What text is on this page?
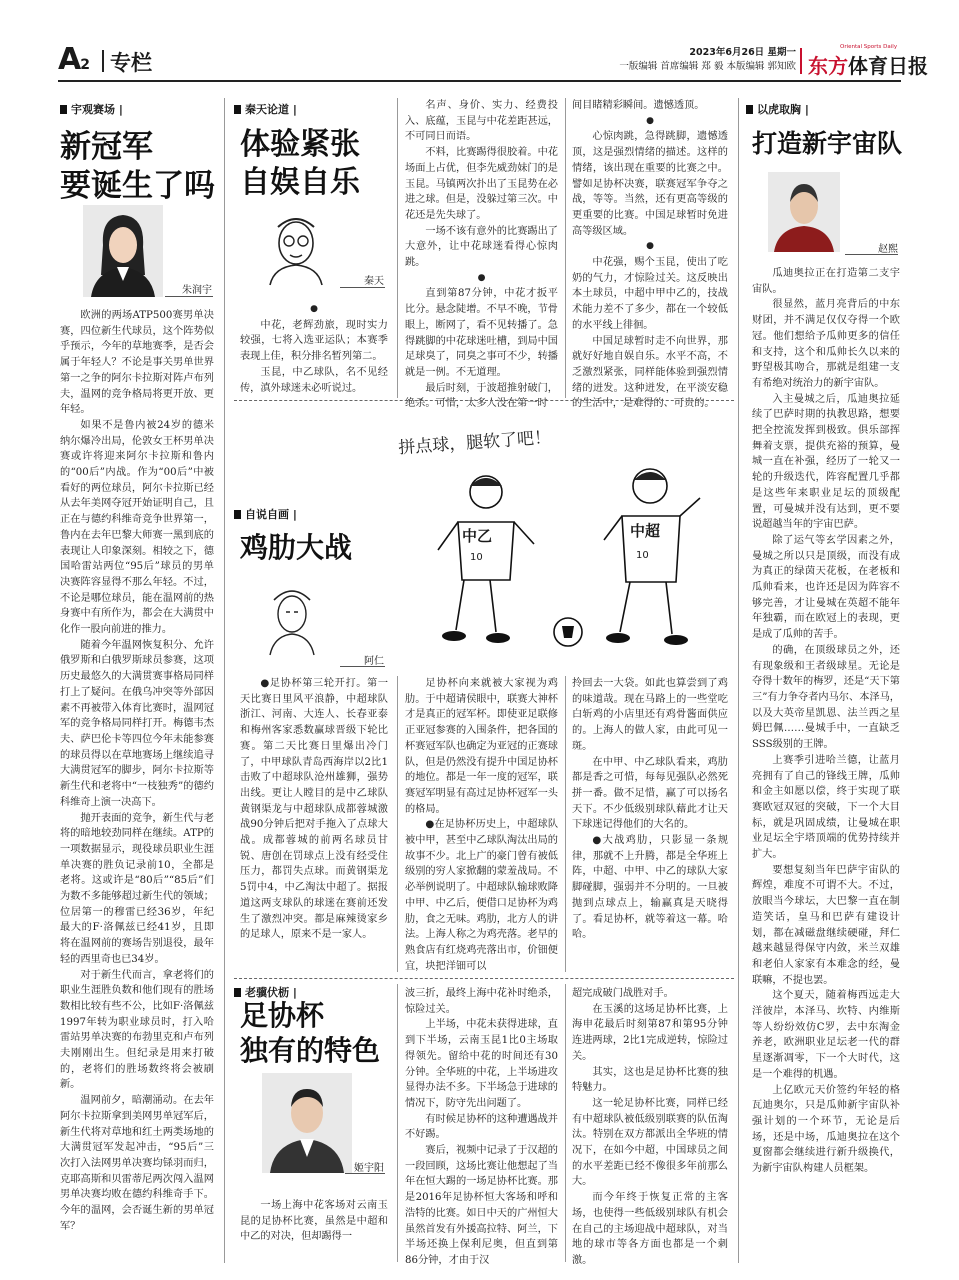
A2 专栏	2023年6月26日 星期一
一版编辑 首席编辑 郑 毅 本版编辑 郭知欧
Oriental Sports Daily
东方体育日报
宇观赛场 |
新冠军
要诞生了吗
朱润宇

欧洲的两场ATP500赛男单决赛，四位新生代球员，这个阵势似乎预示，今年的草地赛季，是否会属于年轻人？不论是事关男单世界第一之争的阿尔卡拉斯对阵卢布列夫，温网的竞争格局将更开放、更年轻。

如果不是鲁内被24岁的德米纳尔爆冷出局，伦敦女王杯男单决赛或许将迎来阿尔卡拉斯和鲁内的“00后”内战。作为“00后”中被看好的两位球员，阿尔卡拉斯已经从去年美网夺冠开始证明自己，且正在与德约科维奇竞争世界第一，鲁内在去年巴黎大师赛一黑到底的表现让人印象深刻。相较之下，德国哈雷站两位“95后”球员的男单决赛阵容显得不那么年轻。不过，不论是哪位球员，能在温网前的热身赛中有所作为，都会在大满贯中化作一股向前进的推力。

随着今年温网恢复积分、允许俄罗斯和白俄罗斯球员参赛，这项历史最悠久的大满贯赛事格局同样打上了疑问。在俄乌冲突等外部因素不再被带入体育比赛时，温网冠军的竞争格局同样打开。梅德韦杰夫、萨巴伦卡等四位今年未能参赛的球员得以在草地赛场上继续追寻大满贯冠军的脚步，阿尔卡拉斯等新生代和老将中“一枝独秀”的德约科维奇上演一决高下。

抛开表面的竞争，新生代与老将的暗地较劲同样在继续。ATP的一项数据显示，现役球员职业生涯单决赛的胜负记录前10，全都是老将。这或许是“80后”“85后”们为数不多能够超过新生代的领域；位居第一的穆雷已经36岁，年纪最大的F·洛佩兹已经41岁，且即将在温网前的赛场告别退役，最年轻的西里奇也已34岁。

对于新生代而言，拿老将们的职业生涯胜负数和他们现有的胜场数相比较有些不公，比如F·洛佩兹1997年转为职业球员时，打入哈雷站男单决赛的布勃里克和卢布列夫刚刚出生。但纪录是用来打破的，老将们的胜场数终将会被刷新。

温网前夕，暗潮涌动。在去年阿尔卡拉斯拿到美网男单冠军后，新生代将对草地和红土两类场地的大满贯冠军发起冲击，“95后”三次打入法网男单决赛均铩羽而归，克耶高斯和贝雷蒂尼两次闯入温网男单决赛均败在德约科维奇手下。今年的温网，会否诞生新的男单冠军？

秦天论道 |
体验紧张
自娱自乐
秦天
●

中花，老辉劲旅，现时实力较强，七将入选亚运队；本赛季表现上佳，积分排名暂列第二。

玉昆，中乙球队，名不见经传，滇外球迷未必听说过。

名声、身价、实力、经费投入、底蕴，玉昆与中花差距甚远，不可同日而语。

不料，比赛踢得很胶着。中花场面上占优，但李先威劲妹门的是玉昆。马镇两次扑出了玉昆势在必进之球。但是，没躲过第三次。中花还是先失球了。

一场不该有意外的比赛踢出了大意外，让中花球迷看得心惊肉跳。

●

直到第87分钟，中花才扳平比分。悬念陡增。不早不晚，节骨眼上，断网了，看不见转播了。急得跳脚的中花球迷吐槽，到局中国足球臭了，同臭之事可不少，转播就是一例。不无道理。

最后时刻，于波超推射破门，绝杀。可惜，太多人没在第一时

间目睹精彩瞬间。遗憾透顶。

●

心惊肉跳，急得跳脚，遗憾透顶，这是强烈情绪的描述。这样的情绪，该出现在重要的比赛之中。譬如足协杯决赛，联赛冠军争夺之战，等等。当然，还有更高等级的更重要的比赛。中国足球暂时免进高等级区域。

●

中花强，赐个玉昆，使出了吃奶的气力，才惊险过关。这反映出本土球员，中超中甲中乙的，技战术能力差不了多少，都在一个较低的水平线上徘徊。

中国足球暂时走不向世界，那就好好地自娱自乐。水平不高，不乏激烈紧张，同样能体验到强烈情绪的迸发。这种迸发，在平淡安稳的生活中，是难得的、可贵的。

拼点球，腿软了吧！
中乙	中超
10	10
自说自画 |
鸡肋大战
阿仁

●足协杯第三轮开打。第一天比赛日里风平浪静，中超球队浙江、河南、大连人、长春亚泰和梅州客家悉数赢球晋级下轮比赛。第二天比赛日里爆出冷门了，中甲球队青岛西海岸以2比1击败了中超球队沧州雄狮，强势出线。更让人瞠目的是中乙球队黄钢渠龙与中超球队成都蓉城激战90分钟后把对手拖入了点球大战。成都蓉城的前两名球员甘锐、唐创在罚球点上没有经受住压力，都罚失点球。而黄钢渠龙5罚中4，中乙淘汰中超了。据报道这两支球队的球迷在赛前还发生了激烈冲突。都是麻辣烫家乡的足球人，原来不是一家人。

足协杯向来就被大家视为鸡肋。于中超请侯眼中，联赛大神杯才是真正的冠军杯。即使亚足联修正亚冠参赛的入围条件，把各国的杯赛冠军队也确定为亚冠的正赛球队，但是仍然没有提升中国足协杯的地位。都是一年一度的冠军，联赛冠军明显有高过足协杯冠军一头的格局。

●在足协杯历史上，中超球队被中甲，甚至中乙球队淘汰出局的故事不少。北上广的豪门曾有被低级别的穷人家掀翻的蒙羞战局。不必举例说明了。中超球队输球败降中甲、中乙后，便借口足协杯为鸡肋，食之无味。鸡肋，北方人的讲法。上海人称之为鸡壳落。老早的熟食店有红烧鸡壳落出市，价钿便宜，块把洋钿可以

拎回去一大袋。如此也算尝到了鸡的味道哉。现在马路上的一些堂吃白斩鸡的小店里还有鸡骨酱面供应的。上海人的做人家，由此可见一斑。

在中甲、中乙球队看来，鸡肋都是香之可惜，每每见强队必然死拼一番。做不足惜，赢了可以扬名天下。不少低级别球队藉此才让天下球迷记得他们的大名的。

●大战鸡肋，只影显一条规律，那就不上升腾，都是全华班上阵，中超、中甲、中乙的球队大家脚碰脚，强弱并不分明的。一旦被抛到点球点上，输赢真是天晓得了。看足协杯，就等着这一幕。哈哈。

老骥伏枥 |
足协杯
独有的特色
姬宇阳

一场上海中花客场对云南玉昆的足协杯比赛，虽然是中超和中乙的对决，但却踢得一

波三折，最终上海中花补时绝杀，惊险过关。

上半场，中花未获得进球，直到下半场，云南玉昆1比0主场取得领先。留给中花的时间还有30分钟。全华班的中花，上半场进攻显得办法不多。下半场急于进球的情况下，防守先出问题了。

有时候足协杯的这种遭遇战并不好踢。

赛后，视频中记录了于汉超的一段回顾，这场比赛让他想起了当年在恒大踢的一场足协杯比赛。那是2016年足协杯恒大客场和呼和浩特的比赛。如日中天的广州恒大虽然首发有外援高拉特、阿兰，下半场还换上保利尼奥，但直到第86分钟，才由于汉

超完成破门战胜对手。

在玉溪的这场足协杯比赛，上海申花最后时刻第87和第95分钟连进两球，2比1完成逆转，惊险过关。

其实，这也是足协杯比赛的独特魅力。

这一轮足协杯比赛，同样已经有中超球队被低级别联赛的队伍淘汰。特别在双方都派出全华班的情况下，在如今中超，中国球员之间的水平差距已经不像很多年前那么大。

而今年终于恢复正常的主客场，也使得一些低级别球队有机会在自己的主场迎战中超球队，对当地的球市等各方面也都是一个刺激。

以虎取胸 |
打造新宇宙队
赵熙

瓜迪奥拉正在打造第二支宇宙队。

很显然，蓝月亮背后的中东财团，并不满足仅仅夺得一个欧冠。他们想给予瓜帅更多的信任和支持，这个和瓜帅长久以来的野望极其吻合，那就是组建一支有希绝对统治力的新宇宙队。

入主曼城之后，瓜迪奥拉延续了巴萨时期的执教思路，想要把全控流发挥到极致。俱乐部挥舞着支票，提供充裕的预算，曼城一直在补强，经历了一轮又一轮的升级迭代，阵容配置几乎都是这些年来职业足坛的顶级配置，可曼城并没有达到，更不要说超越当年的宇宙巴萨。

除了运气等玄学因素之外，曼城之所以只是顶级，而没有成为真正的绿茵天花板，在老板和瓜帅看来，也许还是因为阵容不够完善，才让曼城在英超不能年年独霸，而在欧冠上的表现，更是成了瓜帅的苦手。

的确，在顶级球员之外，还有现象级和王者级球星。无论是夺得十数年的梅罗，还是“天下第三”有力争夺者内马尔、本泽马，以及大英帝星凯恩、法兰西之星姆巴佩……曼城手中，一直缺乏SSS级别的王牌。

上赛季引进哈兰德，让蓝月亮拥有了自己的锋线王牌，瓜帅和金主如愿以偿，终于实现了联赛欧冠双冠的突破，下一个大目标，就是巩固成绩，让曼城在职业足坛全宇塔顶端的优势持续并扩大。

要想复刻当年巴萨宇宙队的辉煌，难度不可谓不大。不过，放眼当今球坛，大巴黎一直在制造笑话，皇马和巴萨有建设计划，都在减磁盘继续硬碰，拜仁越来越显得保守内敛，米兰双雄和老伯人家家有本难念的经，曼联嘛，不提也罢。

这个夏天，随着梅西远走大洋彼岸，本泽马、坎特、内维斯等人纷纷效仿C罗，去中东淘金养老，欧洲职业足坛老一代的群星逐渐凋零，下一个大时代，这是一个难得的机遇。

上亿欧元天价签约年轻的格瓦迪奥尔，只是瓜帅新宇宙队补强计划的一个环节，无论是后场，还是中场，瓜迪奥拉在这个夏窗都会继续进行新升级换代，为新宇宙队构建人员框架。
